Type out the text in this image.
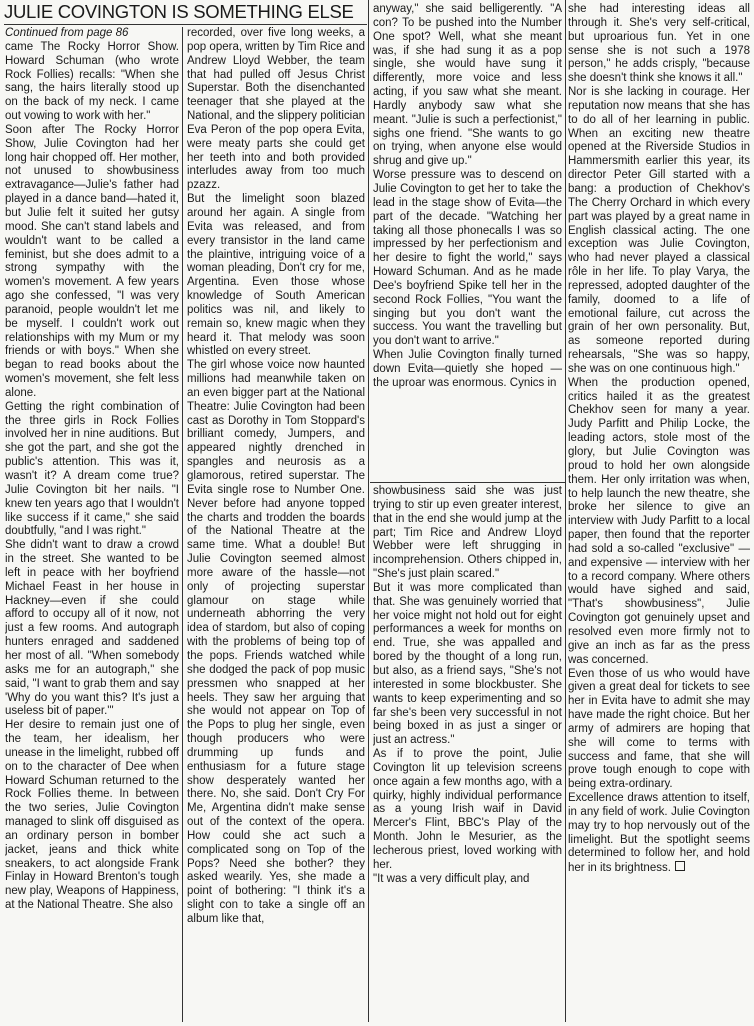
JULIE COVINGTON IS SOMETHING ELSE

Continued from page 86

came The Rocky Horror Show. Howard Schuman (who wrote Rock Follies) recalls: "When she sang, the hairs literally stood up on the back of my neck. I came out vowing to work with her."

Soon after The Rocky Horror Show, Julie Covington had her long hair chopped off. Her mother, not unused to showbusiness extravagance—Julie's father had played in a dance band—hated it, but Julie felt it suited her gutsy mood. She can't stand labels and wouldn't want to be called a feminist, but she does admit to a strong sympathy with the women's movement. A few years ago she confessed, "I was very paranoid, people wouldn't let me be myself. I couldn't work out relationships with my Mum or my friends or with boys." When she began to read books about the women's movement, she felt less alone.

Getting the right combination of the three girls in Rock Follies involved her in nine auditions. But she got the part, and she got the public's attention. This was it, wasn't it? A dream come true? Julie Covington bit her nails. "I knew ten years ago that I wouldn't like success if it came," she said doubtfully, "and I was right."

She didn't want to draw a crowd in the street. She wanted to be left in peace with her boyfriend Michael Feast in her house in Hackney—even if she could afford to occupy all of it now, not just a few rooms. And autograph hunters enraged and saddened her most of all. "When somebody asks me for an autograph," she said, "I want to grab them and say 'Why do you want this? It's just a useless bit of paper.'"

Her desire to remain just one of the team, her idealism, her unease in the limelight, rubbed off on to the character of Dee when Howard Schuman returned to the Rock Follies theme. In between the two series, Julie Covington managed to slink off disguised as an ordinary person in bomber jacket, jeans and thick white sneakers, to act alongside Frank Finlay in Howard Brenton's tough new play, Weapons of Happiness, at the National Theatre. She also

recorded, over five long weeks, a pop opera, written by Tim Rice and Andrew Lloyd Webber, the team that had pulled off Jesus Christ Superstar. Both the disenchanted teenager that she played at the National, and the slippery politician Eva Peron of the pop opera Evita, were meaty parts she could get her teeth into and both provided interludes away from too much pzazz.

But the limelight soon blazed around her again. A single from Evita was released, and from every transistor in the land came the plaintive, intriguing voice of a woman pleading, Don't cry for me, Argentina. Even those whose knowledge of South American politics was nil, and likely to remain so, knew magic when they heard it. That melody was soon whistled on every street.

The girl whose voice now haunted millions had meanwhile taken on an even bigger part at the National Theatre: Julie Covington had been cast as Dorothy in Tom Stoppard's brilliant comedy, Jumpers, and appeared nightly drenched in spangles and neurosis as a glamorous, retired superstar. The Evita single rose to Number One. Never before had anyone topped the charts and trodden the boards of the National Theatre at the same time. What a double! But Julie Covington seemed almost more aware of the hassle—not only of projecting superstar glamour on stage while underneath abhorring the very idea of stardom, but also of coping with the problems of being top of the pops. Friends watched while she dodged the pack of pop music pressmen who snapped at her heels. They saw her arguing that she would not appear on Top of the Pops to plug her single, even though producers who were drumming up funds and enthusiasm for a future stage show desperately wanted her there. No, she said. Don't Cry For Me, Argentina didn't make sense out of the context of the opera. How could she act such a complicated song on Top of the Pops? Need she bother? they asked wearily. Yes, she made a point of bothering: "I think it's a slight con to take a single off an album like that,

anyway," she said belligerently. "A con? To be pushed into the Number One spot? Well, what she meant was, if she had sung it as a pop single, she would have sung it differently, more voice and less acting, if you saw what she meant. Hardly anybody saw what she meant. "Julie is such a perfectionist," sighs one friend. "She wants to go on trying, when anyone else would shrug and give up."

Worse pressure was to descend on Julie Covington to get her to take the lead in the stage show of Evita—the part of the decade. "Watching her taking all those phonecalls I was so impressed by her perfectionism and her desire to fight the world," says Howard Schuman. And as he made Dee's boyfriend Spike tell her in the second Rock Follies, "You want the singing but you don't want the success. You want the travelling but you don't want to arrive."

When Julie Covington finally turned down Evita—quietly she hoped — the uproar was enormous. Cynics in

showbusiness said she was just trying to stir up even greater interest, that in the end she would jump at the part; Tim Rice and Andrew Lloyd Webber were left shrugging in incomprehension. Others chipped in, "She's just plain scared."

But it was more complicated than that. She was genuinely worried that her voice might not hold out for eight performances a week for months on end. True, she was appalled and bored by the thought of a long run, but also, as a friend says, "She's not interested in some blockbuster. She wants to keep experimenting and so far she's been very successful in not being boxed in as just a singer or just an actress."

As if to prove the point, Julie Covington lit up television screens once again a few months ago, with a quirky, highly individual performance as a young Irish waif in David Mercer's Flint, BBC's Play of the Month. John le Mesurier, as the lecherous priest, loved working with her.

"It was a very difficult play, and

she had interesting ideas all through it. She's very self-critical, but uproarious fun. Yet in one sense she is not such a 1978 person," he adds crisply, "because she doesn't think she knows it all."

Nor is she lacking in courage. Her reputation now means that she has to do all of her learning in public. When an exciting new theatre opened at the Riverside Studios in Hammersmith earlier this year, its director Peter Gill started with a bang: a production of Chekhov's The Cherry Orchard in which every part was played by a great name in English classical acting. The one exception was Julie Covington, who had never played a classical rôle in her life. To play Varya, the repressed, adopted daughter of the family, doomed to a life of emotional failure, cut across the grain of her own personality. But, as someone reported during rehearsals, "She was so happy, she was on one continuous high."

When the production opened, critics hailed it as the greatest Chekhov seen for many a year. Judy Parfitt and Philip Locke, the leading actors, stole most of the glory, but Julie Covington was proud to hold her own alongside them. Her only irritation was when, to help launch the new theatre, she broke her silence to give an interview with Judy Parfitt to a local paper, then found that the reporter had sold a so-called "exclusive" — and expensive — interview with her to a record company. Where others would have sighed and said, "That's showbusiness", Julie Covington got genuinely upset and resolved even more firmly not to give an inch as far as the press was concerned.

Even those of us who would have given a great deal for tickets to see her in Evita have to admit she may have made the right choice. But her army of admirers are hoping that she will come to terms with success and fame, that she will prove tough enough to cope with being extra-ordinary.

Excellence draws attention to itself, in any field of work. Julie Covington may try to hop nervously out of the limelight. But the spotlight seems determined to follow her, and hold her in its brightness.
